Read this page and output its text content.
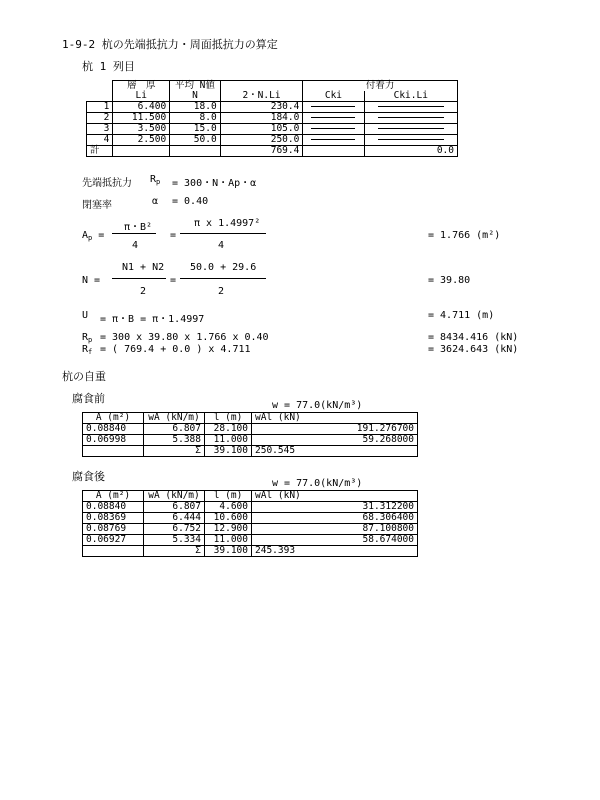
1-9-2 杭の先端抵抗力・周面抵抗力の算定
杭 1 列目
	層　厚	平均 N値		付着力	
	Li	N	2・N.Li	Cki	Cki.Li
1	6.400	18.0	230.4		
2	11.500	8.0	184.0		
3	3.500	15.0	105.0		
4	2.500	50.0	250.0		
計			769.4		0.0
先端抵抗力 $R_p = 300$・N・Ap・α
閉塞率	α = 0.40
$A_p$ =
π・B²
4
=
π x 1.4997²
4
= 1.766 (m²)
N =
N1 + N2
2
=
50.0 + 29.6
2
= 39.80
U = π・B = π・1.4997	= 4.711 (m)
$R_p = 300$ x 39.80 x 1.766 x 0.40	= 8434.416 (kN)
$R_f$ = ( 769.4 + 0.0 ) x 4.711	= 3624.643 (kN)
杭の自重
腐食前
w = 77.0(kN/m³)
A (m²)	wA (kN/m)	l (m)	wAl (kN)
0.08840	6.807	28.100	191.276700
0.06998	5.388	11.000	59.268000
	Σ	39.100	250.545
腐食後
w = 77.0(kN/m³)
A (m²)	wA (kN/m)	l (m)	wAl (kN)
0.08840	6.807	4.600	31.312200
0.08369	6.444	10.600	68.306400
0.08769	6.752	12.900	87.100800
0.06927	5.334	11.000	58.674000
	Σ	39.100	245.393
